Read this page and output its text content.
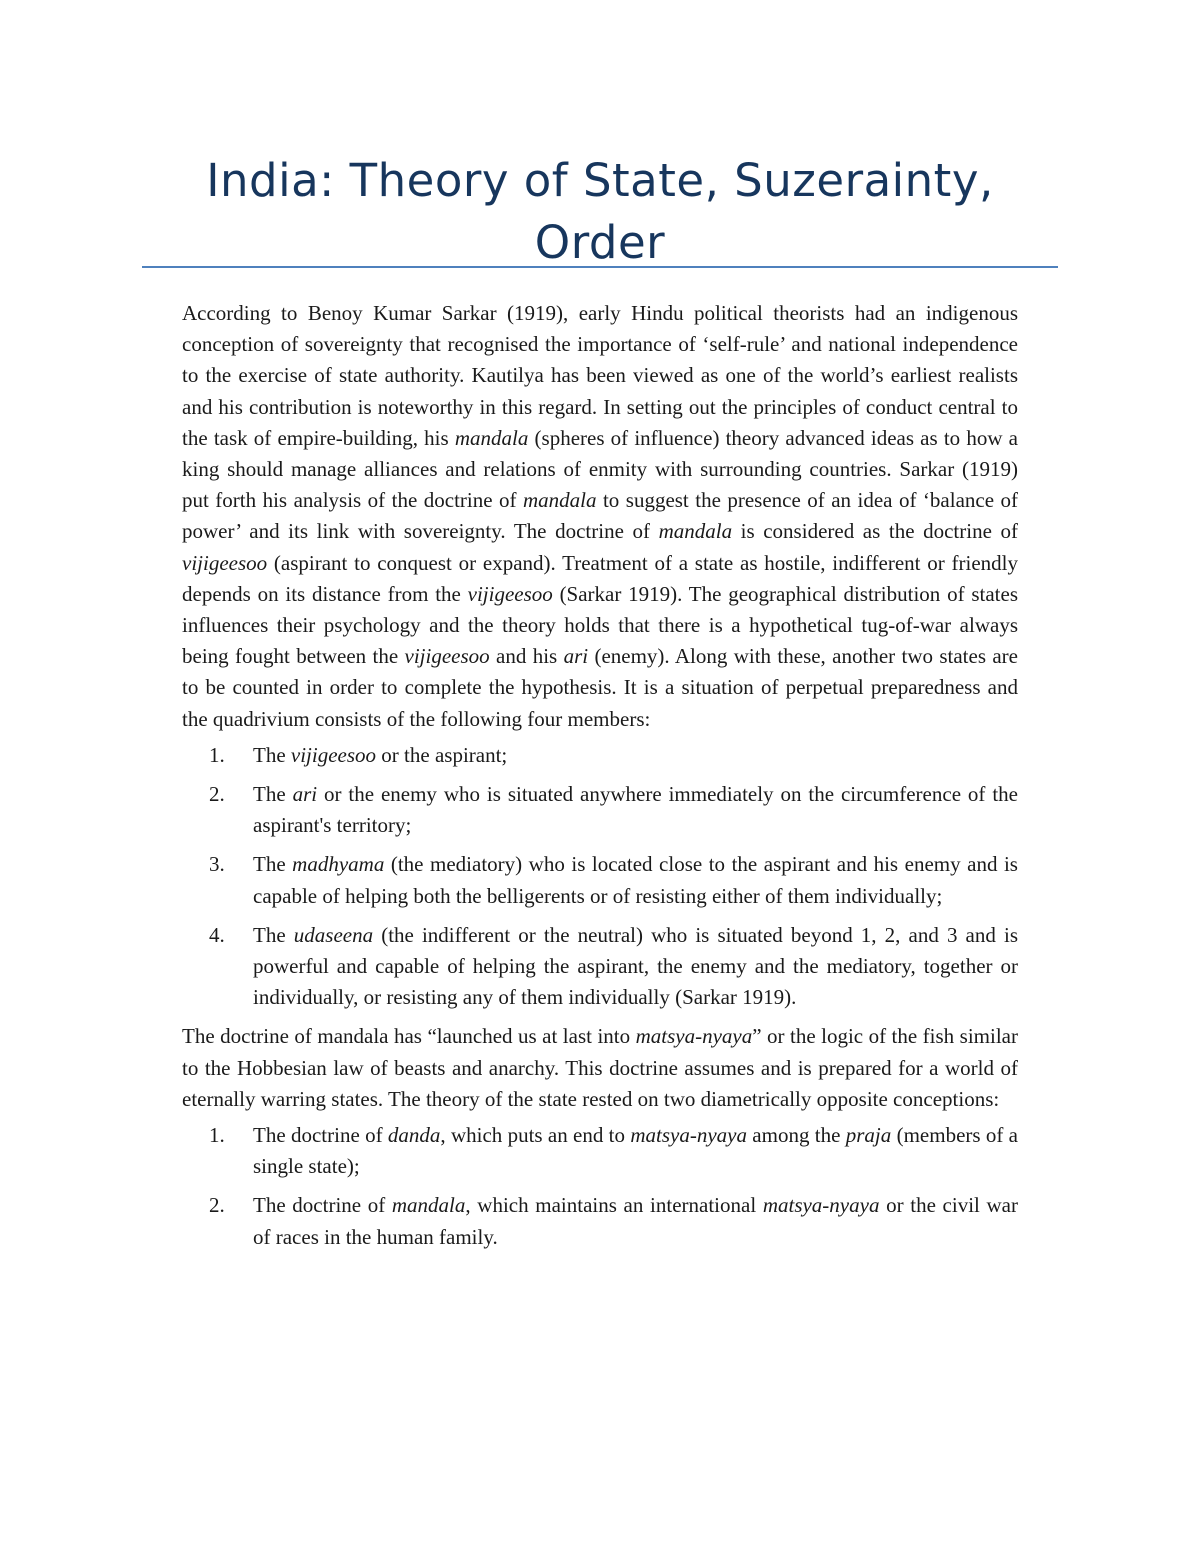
India: Theory of State, Suzerainty, Order

According to Benoy Kumar Sarkar (1919), early Hindu political theorists had an indigenous conception of sovereignty that recognised the importance of ‘self-rule’ and national independence to the exercise of state authority. Kautilya has been viewed as one of the world’s earliest realists and his contribution is noteworthy in this regard. In setting out the principles of conduct central to the task of empire-building, his mandala (spheres of influence) theory advanced ideas as to how a king should manage alliances and relations of enmity with surrounding countries. Sarkar (1919) put forth his analysis of the doctrine of mandala to suggest the presence of an idea of ‘balance of power’ and its link with sovereignty. The doctrine of mandala is considered as the doctrine of vijigeesoo (aspirant to conquest or expand). Treatment of a state as hostile, indifferent or friendly depends on its distance from the vijigeesoo (Sarkar 1919). The geographical distribution of states influences their psychology and the theory holds that there is a hypothetical tug-of-war always being fought between the vijigeesoo and his ari (enemy). Along with these, another two states are to be counted in order to complete the hypothesis. It is a situation of perpetual preparedness and the quadrivium consists of the following four members:

1. The vijigeesoo or the aspirant;
2. The ari or the enemy who is situated anywhere immediately on the circumference of the aspirant's territory;
3. The madhyama (the mediatory) who is located close to the aspirant and his enemy and is capable of helping both the belligerents or of resisting either of them individually;
4. The udaseena (the indifferent or the neutral) who is situated beyond 1, 2, and 3 and is powerful and capable of helping the aspirant, the enemy and the mediatory, together or individually, or resisting any of them individually (Sarkar 1919).

The doctrine of mandala has “launched us at last into matsya-nyaya” or the logic of the fish similar to the Hobbesian law of beasts and anarchy. This doctrine assumes and is prepared for a world of eternally warring states. The theory of the state rested on two diametrically opposite conceptions:

1. The doctrine of danda, which puts an end to matsya-nyaya among the praja (members of a single state);
2. The doctrine of mandala, which maintains an international matsya-nyaya or the civil war of races in the human family.
